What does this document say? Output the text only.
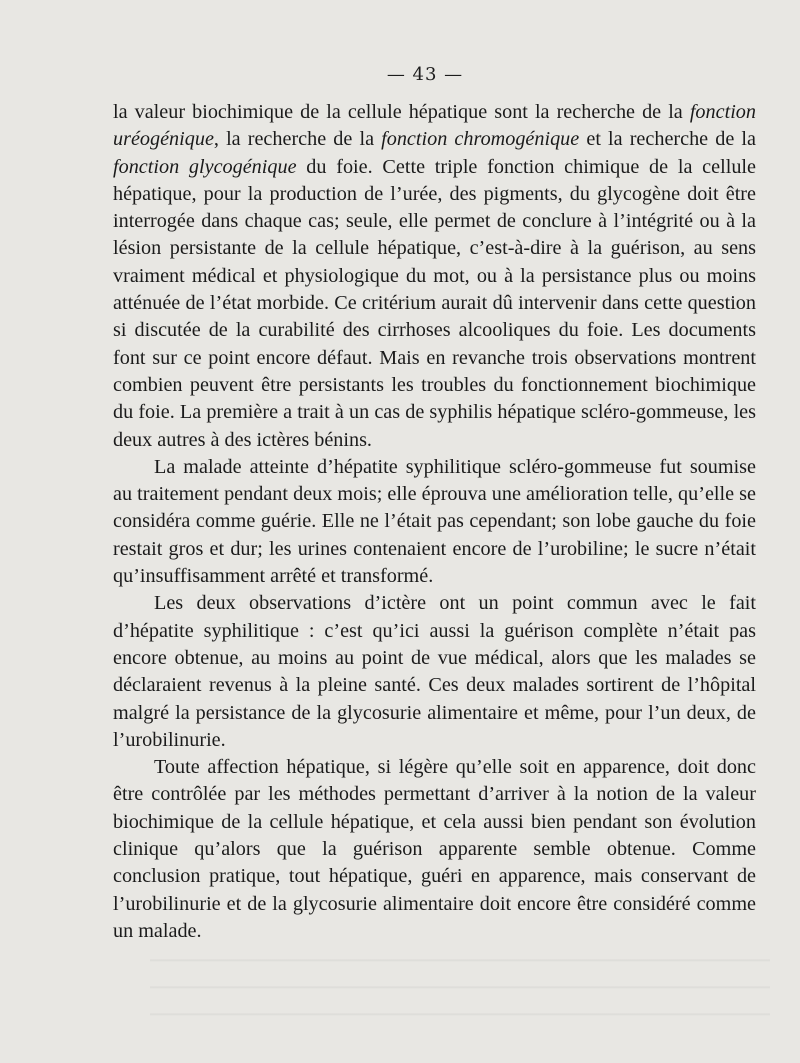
— 43 —

la valeur biochimique de la cellule hépatique sont la recherche de la fonction uréogénique, la recherche de la fonction chromogénique et la recherche de la fonction glycogénique du foie. Cette triple fonction chimique de la cellule hépatique, pour la production de l’urée, des pigments, du glycogène doit être interrogée dans chaque cas; seule, elle permet de conclure à l’intégrité ou à la lésion persistante de la cellule hépatique, c’est-à-dire à la guérison, au sens vraiment médical et physiologique du mot, ou à la persistance plus ou moins atténuée de l’état morbide. Ce critérium aurait dû intervenir dans cette question si discutée de la curabilité des cirrhoses alcooliques du foie. Les documents font sur ce point encore défaut. Mais en revanche trois observations montrent combien peuvent être persistants les troubles du fonctionnement biochimique du foie. La première a trait à un cas de syphilis hépatique scléro-gommeuse, les deux autres à des ictères bénins.

La malade atteinte d’hépatite syphilitique scléro-gommeuse fut soumise au traitement pendant deux mois; elle éprouva une amélioration telle, qu’elle se considéra comme guérie. Elle ne l’était pas cependant; son lobe gauche du foie restait gros et dur; les urines contenaient encore de l’urobiline; le sucre n’était qu’insuffisamment arrêté et transformé.

Les deux observations d’ictère ont un point commun avec le fait d’hépatite syphilitique : c’est qu’ici aussi la guérison complète n’était pas encore obtenue, au moins au point de vue médical, alors que les malades se déclaraient revenus à la pleine santé. Ces deux malades sortirent de l’hôpital malgré la persistance de la glycosurie alimentaire et même, pour l’un deux, de l’urobilinurie.

Toute affection hépatique, si légère qu’elle soit en apparence, doit donc être contrôlée par les méthodes permettant d’arriver à la notion de la valeur biochimique de la cellule hépatique, et cela aussi bien pendant son évolution clinique qu’alors que la guérison apparente semble obtenue. Comme conclusion pratique, tout hépatique, guéri en apparence, mais conservant de l’urobilinurie et de la glycosurie alimentaire doit encore être considéré comme un malade.
